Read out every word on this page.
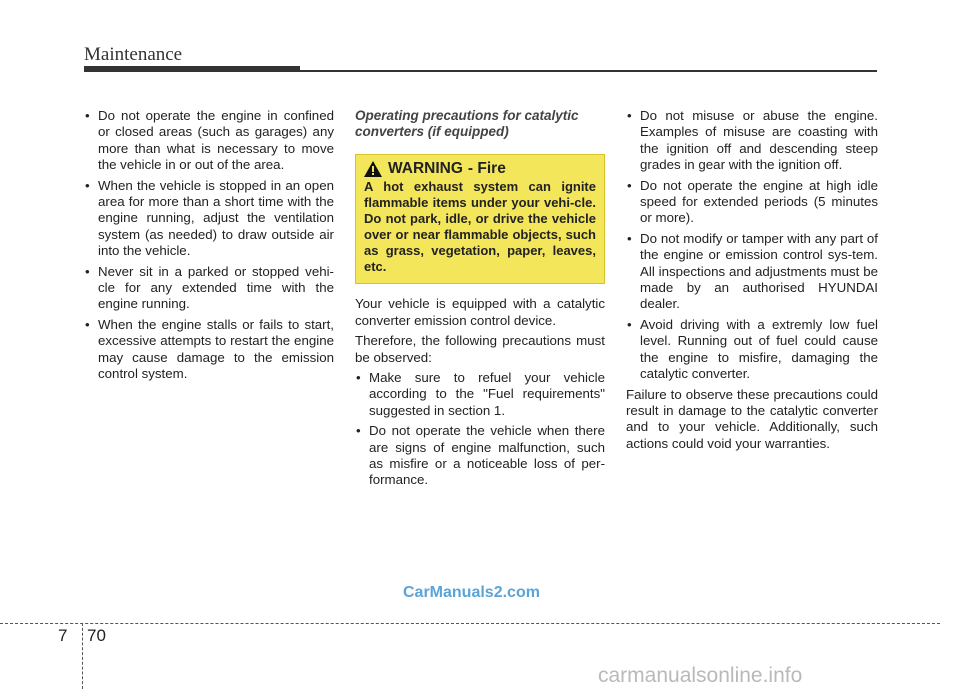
Maintenance
• Do not operate the engine in confined or closed areas (such as garages) any more than what is necessary to move the vehicle in or out of the area.
• When the vehicle is stopped in an open area for more than a short time with the engine running, adjust the ventilation system (as needed) to draw outside air into the vehicle.
• Never sit in a parked or stopped vehi-cle for any extended time with the engine running.
• When the engine stalls or fails to start, excessive attempts to restart the engine may cause damage to the emission control system.
Operating precautions for catalytic converters (if equipped)
WARNING - Fire
A hot exhaust system can ignite flammable items under your vehi-cle. Do not park, idle, or drive the vehicle over or near flammable objects, such as grass, vegetation, paper, leaves, etc.

Your vehicle is equipped with a catalytic converter emission control device.

Therefore, the following precautions must be observed:

• Make sure to refuel your vehicle according to the "Fuel requirements" suggested in section 1.
• Do not operate the vehicle when there are signs of engine malfunction, such as misfire or a noticeable loss of per-formance.
• Do not misuse or abuse the engine. Examples of misuse are coasting with the ignition off and descending steep grades in gear with the ignition off.
• Do not operate the engine at high idle speed for extended periods (5 minutes or more).
• Do not modify or tamper with any part of the engine or emission control sys-tem. All inspections and adjustments must be made by an authorised HYUNDAI dealer.
• Avoid driving with a extremly low fuel level. Running out of fuel could cause the engine to misfire, damaging the catalytic converter.

Failure to observe these precautions could result in damage to the catalytic converter and to your vehicle. Additionally, such actions could void your warranties.

CarManuals2.com
7 70
carmanualsonline.info
